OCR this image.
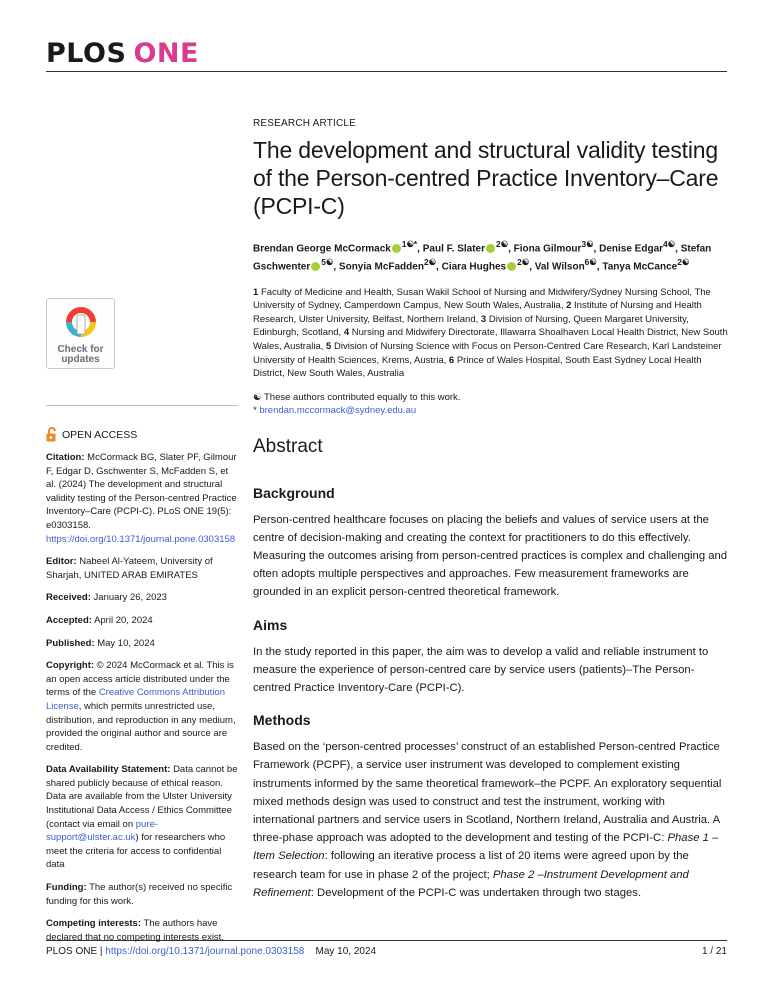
PLOS ONE
Check for
updates
OPEN ACCESS

Citation: McCormack BG, Slater PF, Gilmour F, Edgar D, Gschwenter S, McFadden S, et al. (2024) The development and structural validity testing of the Person-centred Practice Inventory–Care (PCPI-C). PLoS ONE 19(5): e0303158. https://doi.org/10.1371/journal.pone.0303158

Editor: Nabeel Al-Yateem, University of Sharjah, UNITED ARAB EMIRATES

Received: January 26, 2023

Accepted: April 20, 2024

Published: May 10, 2024

Copyright: © 2024 McCormack et al. This is an open access article distributed under the terms of the Creative Commons Attribution License, which permits unrestricted use, distribution, and reproduction in any medium, provided the original author and source are credited.

Data Availability Statement: Data cannot be shared publicly because of ethical reason. Data are available from the Ulster University Institutional Data Access / Ethics Committee (contact via email on pure-support@ulster.ac.uk) for researchers who meet the criteria for access to confidential data

Funding: The author(s) received no specific funding for this work.

Competing interests: The authors have declared that no competing interests exist.

RESEARCH ARTICLE
The development and structural validity testing of the Person-centred Practice Inventory–Care (PCPI-C)
Brendan George McCormack $^{1☯*}$, Paul F. Slater $^{2☯}$, Fiona Gilmour$^{3☯}$, Denise Edgar$^{4☯}$, Stefan Gschwenter $^{5☯}$, Sonyia McFadden$^{2☯}$, Ciara Hughes $^{2☯}$, Val Wilson$^{6☯}$, Tanya McCance$^{2☯}$
1 Faculty of Medicine and Health, Susan Wakil School of Nursing and Midwifery/Sydney Nursing School, The University of Sydney, Camperdown Campus, New South Wales, Australia, 2 Institute of Nursing and Health Research, Ulster University, Belfast, Northern Ireland, 3 Division of Nursing, Queen Margaret University, Edinburgh, Scotland, 4 Nursing and Midwifery Directorate, Illawarra Shoalhaven Local Health District, New South Wales, Australia, 5 Division of Nursing Science with Focus on Person-Centred Care Research, Karl Landsteiner University of Health Sciences, Krems, Austria, 6 Prince of Wales Hospital, South East Sydney Local Health District, New South Wales, Australia
☯ These authors contributed equally to this work.
* brendan.mccormack@sydney.edu.au
Abstract
Background

Person-centred healthcare focuses on placing the beliefs and values of service users at the centre of decision-making and creating the context for practitioners to do this effectively. Measuring the outcomes arising from person-centred practices is complex and challenging and often adopts multiple perspectives and approaches. Few measurement frameworks are grounded in an explicit person-centred theoretical framework.

Aims

In the study reported in this paper, the aim was to develop a valid and reliable instrument to measure the experience of person-centred care by service users (patients)–The Person-centred Practice Inventory-Care (PCPI-C).

Methods

Based on the ‘person-centred processes’ construct of an established Person-centred Practice Framework (PCPF), a service user instrument was developed to complement existing instruments informed by the same theoretical framework–the PCPF. An exploratory sequential mixed methods design was used to construct and test the instrument, working with international partners and service users in Scotland, Northern Ireland, Australia and Austria. A three-phase approach was adopted to the development and testing of the PCPI-C: Phase 1 –Item Selection: following an iterative process a list of 20 items were agreed upon by the research team for use in phase 2 of the project; Phase 2 –Instrument Development and Refinement: Development of the PCPI-C was undertaken through two stages.

PLOS ONE | https://doi.org/10.1371/journal.pone.0303158 May 10, 2024	1 / 21
